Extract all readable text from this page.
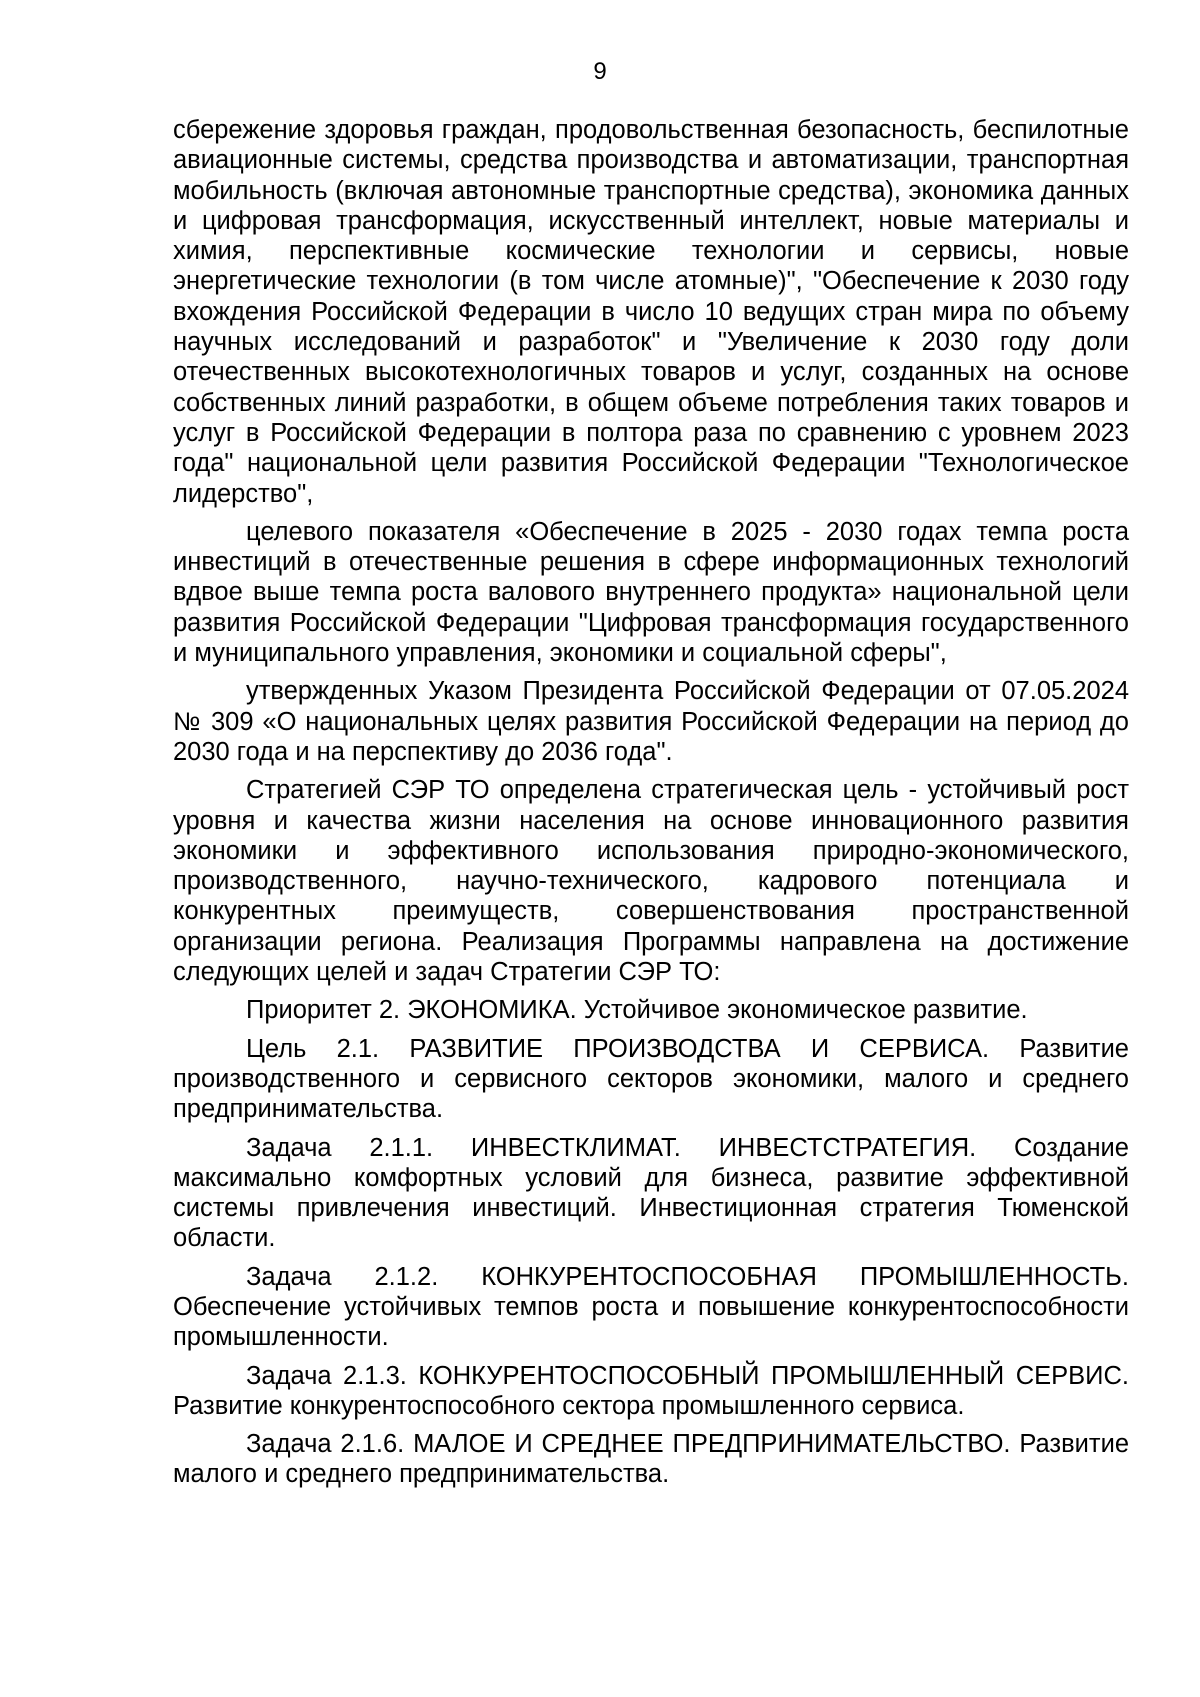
9

сбережение здоровья граждан, продовольственная безопасность, беспилотные авиационные системы, средства производства и автоматизации, транспортная мобильность (включая автономные транспортные средства), экономика данных и цифровая трансформация, искусственный интеллект, новые материалы и химия, перспективные космические технологии и сервисы, новые энергетические технологии (в том числе атомные)", "Обеспечение к 2030 году вхождения Российской Федерации в число 10 ведущих стран мира по объему научных исследований и разработок" и "Увеличение к 2030 году доли отечественных высокотехнологичных товаров и услуг, созданных на основе собственных линий разработки, в общем объеме потребления таких товаров и услуг в Российской Федерации в полтора раза по сравнению с уровнем 2023 года" национальной цели развития Российской Федерации "Технологическое лидерство",

целевого показателя «Обеспечение в 2025 - 2030 годах темпа роста инвестиций в отечественные решения в сфере информационных технологий вдвое выше темпа роста валового внутреннего продукта» национальной цели развития Российской Федерации "Цифровая трансформация государственного и муниципального управления, экономики и социальной сферы",

утвержденных Указом Президента Российской Федерации от 07.05.2024 № 309 «О национальных целях развития Российской Федерации на период до 2030 года и на перспективу до 2036 года".

Стратегией СЭР ТО определена стратегическая цель - устойчивый рост уровня и качества жизни населения на основе инновационного развития экономики и эффективного использования природно-экономического, производственного, научно-технического, кадрового потенциала и конкурентных преимуществ, совершенствования пространственной организации региона. Реализация Программы направлена на достижение следующих целей и задач Стратегии СЭР ТО:

Приоритет 2. ЭКОНОМИКА. Устойчивое экономическое развитие.

Цель 2.1. РАЗВИТИЕ ПРОИЗВОДСТВА И СЕРВИСА. Развитие производственного и сервисного секторов экономики, малого и среднего предпринимательства.

Задача 2.1.1. ИНВЕСТКЛИМАТ. ИНВЕСТСТРАТЕГИЯ. Создание максимально комфортных условий для бизнеса, развитие эффективной системы привлечения инвестиций. Инвестиционная стратегия Тюменской области.

Задача 2.1.2. КОНКУРЕНТОСПОСОБНАЯ ПРОМЫШЛЕННОСТЬ. Обеспечение устойчивых темпов роста и повышение конкурентоспособности промышленности.

Задача 2.1.3. КОНКУРЕНТОСПОСОБНЫЙ ПРОМЫШЛЕННЫЙ СЕРВИС. Развитие конкурентоспособного сектора промышленного сервиса.

Задача 2.1.6. МАЛОЕ И СРЕДНЕЕ ПРЕДПРИНИМАТЕЛЬСТВО. Развитие малого и среднего предпринимательства.
